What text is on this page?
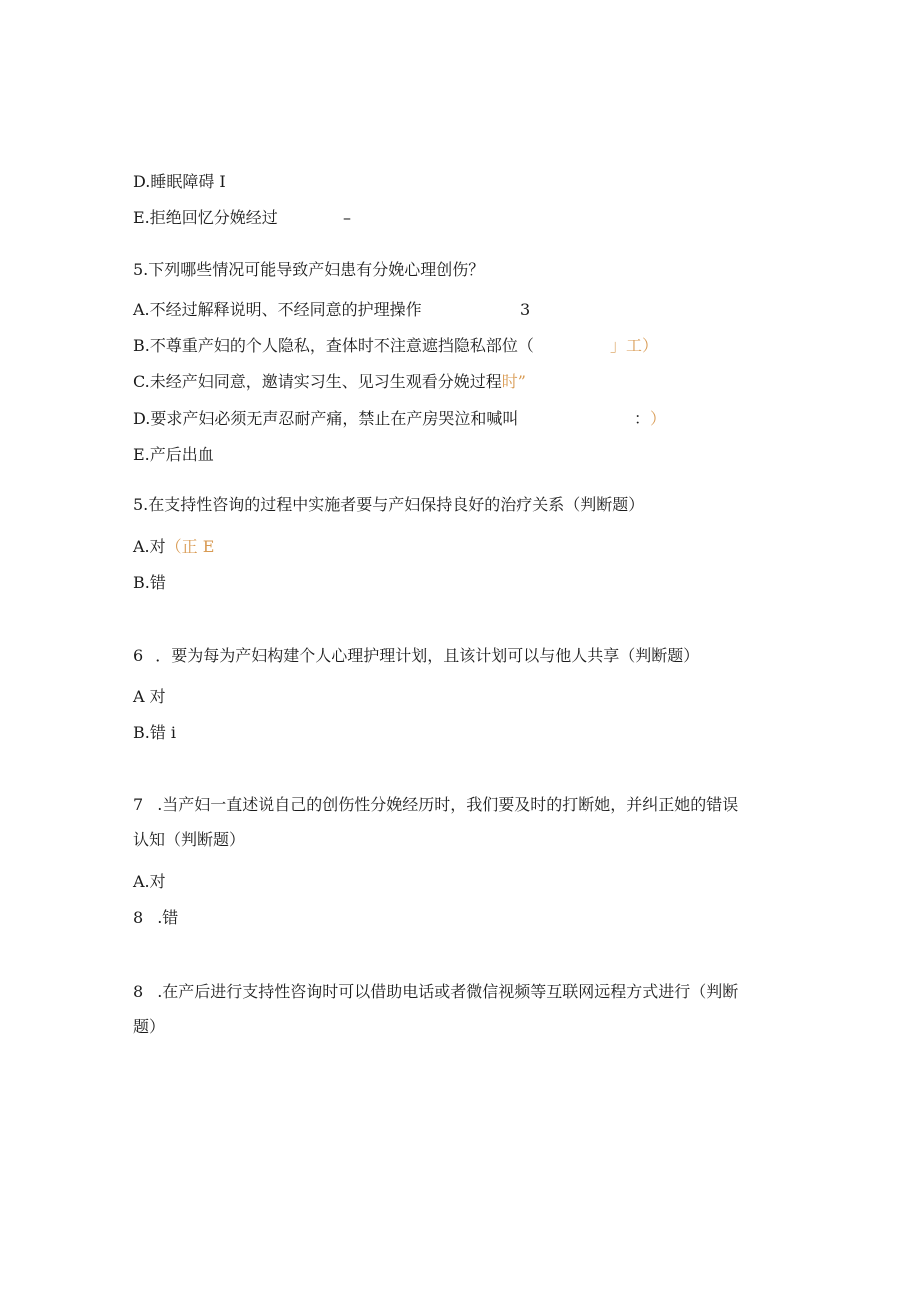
D.睡眠障碍 I
E.拒绝回忆分娩经过	–
5.下列哪些情况可能导致产妇患有分娩心理创伤？
A.不经过解释说明、不经同意的护理操作	3
B.不尊重产妇的个人隐私，查体时不注意遮挡隐私部位（	」工）
C.未经产妇同意，邀请实习生、见习生观看分娩过程时”
D.要求产妇必须无声忍耐产痛，禁止在产房哭泣和喊叫	： ）
E.产后出血
5.在支持性咨询的过程中实施者要与产妇保持良好的治疗关系（判断题）
A.对（正 E
B.错
6 ．要为每为产妇构建个人心理护理计划，且该计划可以与他人共享（判断题）
A 对
B.错 i
7 .当产妇一直述说自己的创伤性分娩经历时，我们要及时的打断她，并纠正她的错误
认知（判断题）
A.对
8 .错
8 .在产后进行支持性咨询时可以借助电话或者微信视频等互联网远程方式进行（判断
题）
